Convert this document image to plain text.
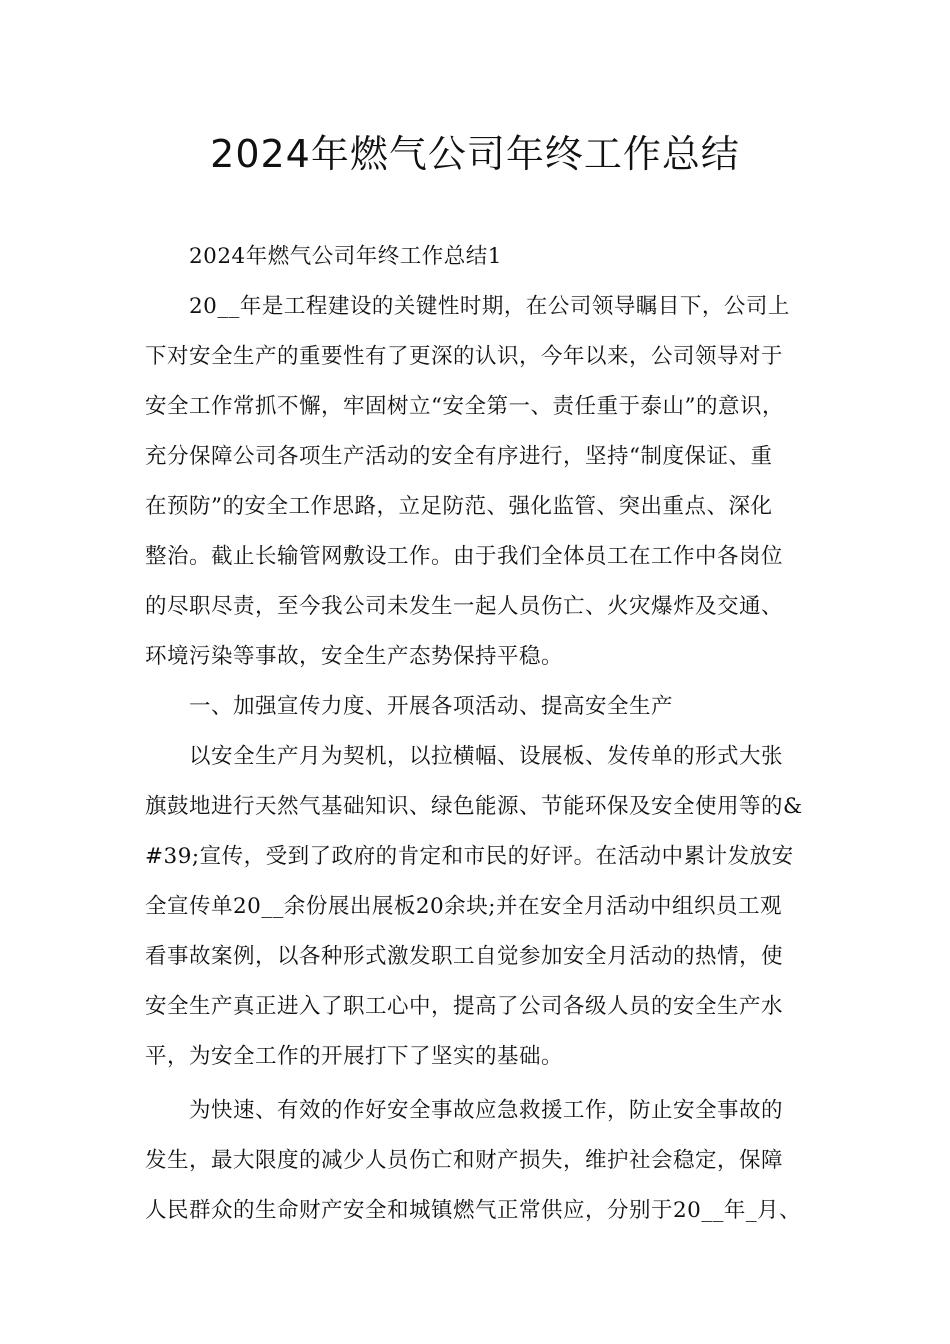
2024年燃气公司年终工作总结
2024年燃气公司年终工作总结1
20__年是工程建设的关键性时期，在公司领导瞩目下，公司上
下对安全生产的重要性有了更深的认识，今年以来，公司领导对于
安全工作常抓不懈，牢固树立“安全第一、责任重于泰山”的意识，
充分保障公司各项生产活动的安全有序进行，坚持“制度保证、重
在预防”的安全工作思路，立足防范、强化监管、突出重点、深化
整治。截止长输管网敷设工作。由于我们全体员工在工作中各岗位
的尽职尽责，至今我公司未发生一起人员伤亡、火灾爆炸及交通、
环境污染等事故，安全生产态势保持平稳。
一、加强宣传力度、开展各项活动、提高安全生产
以安全生产月为契机，以拉横幅、设展板、发传单的形式大张
旗鼓地进行天然气基础知识、绿色能源、节能环保及安全使用等的&
#39;宣传，受到了政府的肯定和市民的好评。在活动中累计发放安
全宣传单20__余份展出展板20余块;并在安全月活动中组织员工观
看事故案例，以各种形式激发职工自觉参加安全月活动的热情，使
安全生产真正进入了职工心中，提高了公司各级人员的安全生产水
平，为安全工作的开展打下了坚实的基础。
为快速、有效的作好安全事故应急救援工作，防止安全事故的
发生，最大限度的减少人员伤亡和财产损失，维护社会稳定，保障
人民群众的生命财产安全和城镇燃气正常供应，分别于20__年_月、
